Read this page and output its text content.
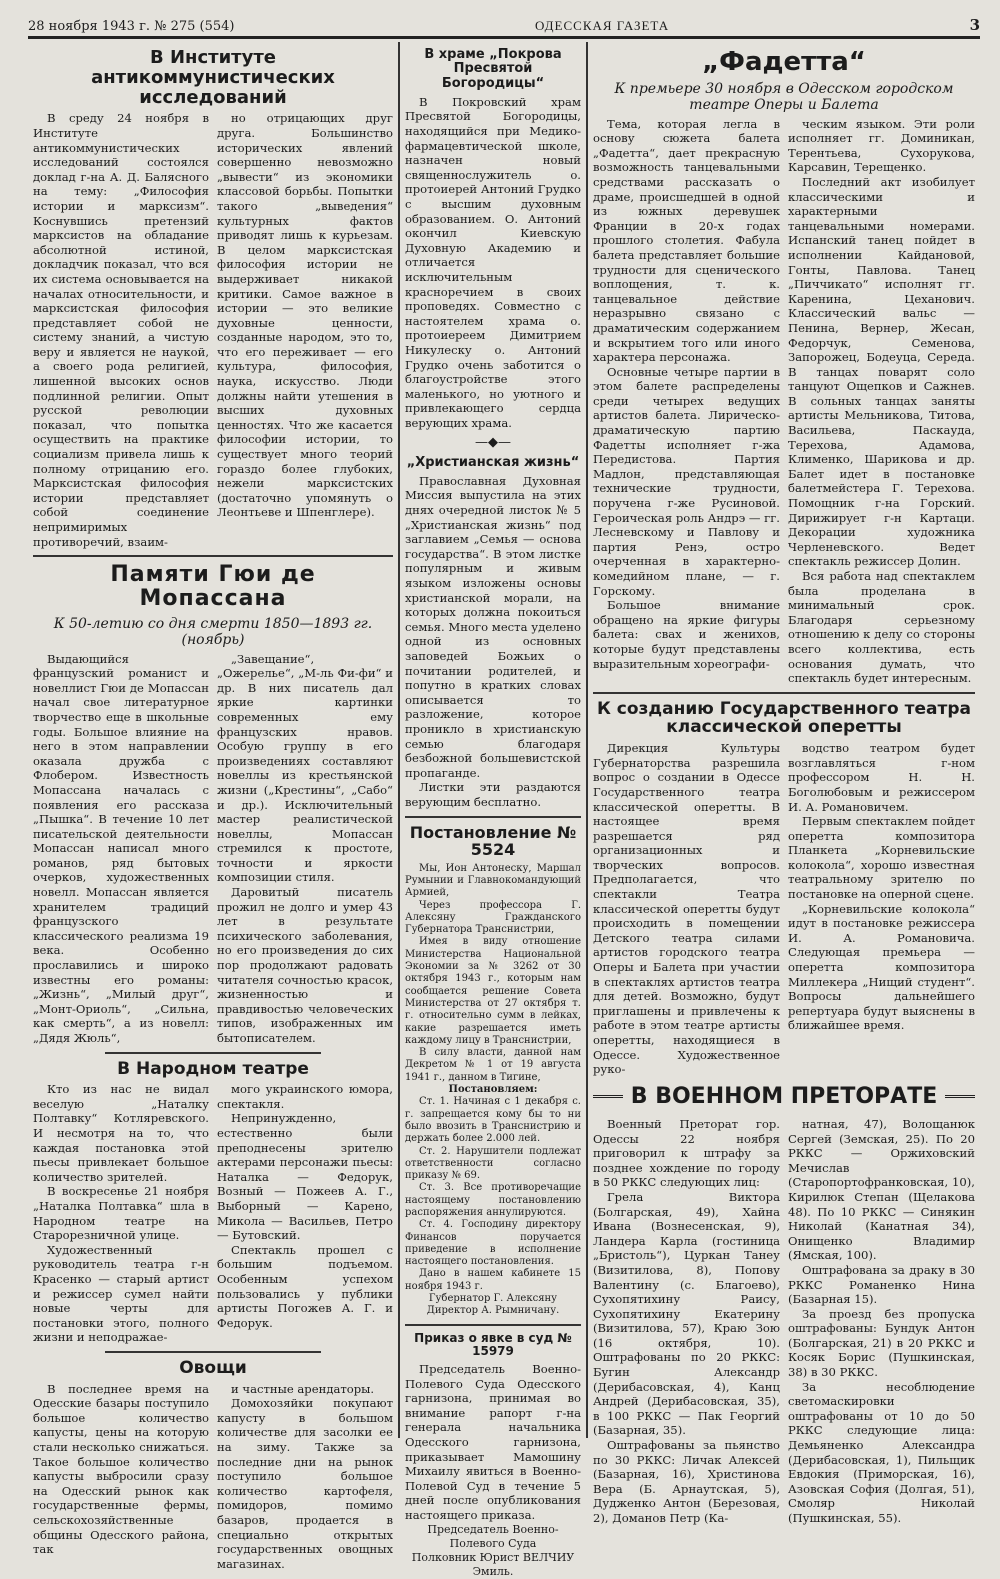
28 ноября 1943 г. № 275 (554)	ОДЕССКАЯ ГАЗЕТА	3
В Институте антикоммунистических исследований

В среду 24 ноября в Институте антикоммунистических исследований состоялся доклад г-на А. Д. Балясного на тему: „Философия истории и марксизм“. Коснувшись претензий марксистов на обладание абсолютной истиной, докладчик показал, что вся их система основывается на началах относительности, и марксистская философия представляет собой не систему знаний, а чистую веру и является не наукой, а своего рода религией, лишенной высоких основ подлинной религии. Опыт русской революции показал, что попытка осуществить на практике социализм привела лишь к полному отрицанию его. Марксистская философия истории представляет собой соединение непримиримых противоречий, взаим-

но отрицающих друг друга. Большинство исторических явлений совершенно невозможно „вывести“ из экономики классовой борьбы. Попытки такого „выведения“ культурных фактов приводят лишь к курьезам. В целом марксистская философия истории не выдерживает никакой критики. Самое важное в истории — это великие духовные ценности, созданные народом, это то, что его переживает — его культура, философия, наука, искусство. Люди должны найти утешения в высших духовных ценностях. Что же касается философии истории, то существует много теорий гораздо более глубоких, нежели марксистских (достаточно упомянуть о Леонтьеве и Шпенглере).

Памяти Гюи де Мопассана
К 50-летию со дня смерти 1850—1893 гг. (ноябрь)

Выдающийся французский романист и новеллист Гюи де Мопассан начал свое литературное творчество еще в школьные годы. Большое влияние на него в этом направлении оказала дружба с Флобером. Известность Мопассана началась с появления его рассказа „Пышка“. В течение 10 лет писательской деятельности Мопассан написал много романов, ряд бытовых очерков, художественных новелл. Мопассан является хранителем традиций французского классического реализма 19 века. Особенно прославились и широко известны его романы: „Жизнь“, „Милый друг“, „Монт-Ориоль“, „Сильна, как смерть“, а из новелл: „Дядя Жюль“,

„Завещание“, „Ожерелье“, „М-ль Фи-фи“ и др. В них писатель дал яркие картинки современных ему французских нравов. Особую группу в его произведениях составляют новеллы из крестьянской жизни („Крестины“, „Сабо“ и др.). Исключительный мастер реалистической новеллы, Мопассан стремился к простоте, точности и яркости композиции стиля.

Даровитый писатель прожил не долго и умер 43 лет в результате психического заболевания, но его произведения до сих пор продолжают радовать читателя сочностью красок, жизненностью и правдивостью человеческих типов, изображенных им бытописателем.

В Народном театре

Кто из нас не видал веселую „Наталку Полтавку“ Котляревского. И несмотря на то, что каждая постановка этой пьесы привлекает большое количество зрителей.

В воскресенье 21 ноября „Наталка Полтавка“ шла в Народном театре на Старорезничной улице.

Художественный руководитель театра г-н Красенко — старый артист и режиссер сумел найти новые черты для постановки этого, полного жизни и неподражае-

мого украинского юмора, спектакля.

Непринужденно, естественно были преподнесены зрителю актерами персонажи пьесы: Наталка — Федорук, Возный — Пожеев А. Г., Выборный — Карено, Микола — Васильев, Петро — Бутовский.

Спектакль прошел с большим подъемом. Особенным успехом пользовались у публики артисты Погожев А. Г. и Федорук.

Овощи

В последнее время на Одесские базары поступило большое количество капусты, цены на которую стали несколько снижаться. Такое большое количество капусты выбросили сразу на Одесский рынок как государственные фермы, сельскохозяйственные общины Одесского района, так

и частные арендаторы.

Домохозяйки покупают капусту в большом количестве для засолки ее на зиму. Также за последние дни на рынок поступило большое количество картофеля, помидоров, помимо базаров, продается в специально открытых государственных овощных магазинах.

В храме „Покрова Пресвятой Богородицы“

В Покровский храм Пресвятой Богородицы, находящийся при Медико-фармацевтической школе, назначен новый священнослужитель о. протоиерей Антоний Грудко с высшим духовным образованием. О. Антоний окончил Киевскую Духовную Академию и отличается исключительным красноречием в своих проповедях. Совместно с настоятелем храма о. протоиереем Димитрием Никулеску о. Антоний Грудко очень заботится о благоустройстве этого маленького, но уютного и привлекающего сердца верующих храма.

—◆—
„Христианская жизнь“

Православная Духовная Миссия выпустила на этих днях очередной листок № 5 „Христианская жизнь“ под заглавием „Семья — основа государства“. В этом листке популярным и живым языком изложены основы христианской морали, на которых должна покоиться семья. Много места уделено одной из основных заповедей Божьих о почитании родителей, и попутно в кратких словах описывается то разложение, которое проникло в христианскую семью благодаря безбожной большевистской пропаганде.

Листки эти раздаются верующим бесплатно.

Постановление № 5524

Мы, Ион Антонеску, Маршал Румынии и Главнокомандующий Армией,

Через профессора Г. Алексяну Гражданского Губернатора Транснистрии,

Имея в виду отношение Министерства Национальной Экономии за № 3262 от 30 октября 1943 г., которым нам сообщается решение Совета Министерства от 27 октября т. г. относительно сумм в лейках, какие разрешается иметь каждому лицу в Транснистрии,

В силу власти, данной нам Декретом № 1 от 19 августа 1941 г., данном в Тигине,

Постановляем:

Ст. 1. Начиная с 1 декабря с. г. запрещается кому бы то ни было ввозить в Транснистрию и держать более 2.000 лей.

Ст. 2. Нарушители подлежат ответственности согласно приказу № 69.

Ст. 3. Все противоречащие настоящему постановлению распоряжения аннулируются.

Ст. 4. Господину директору Финансов поручается приведение в исполнение настоящего постановления.

Дано в нашем кабинете 15 ноября 1943 г.

Губернатор Г. Алексяну

Директор А. Рымничану.

Приказ о явке в суд № 15979

Председатель Военно-Полевого Суда Одесского гарнизона, принимая во внимание рапорт г-на генерала начальника Одесского гарнизона, приказывает Мамошину Михаилу явиться в Военно-Полевой Суд в течение 5 дней после опубликования настоящего приказа.

Председатель Военно-Полевого Суда

Полковник Юрист ВЕЛЧИУ Эмиль.

„Фадетта“
К премьере 30 ноября в Одесском городском театре Оперы и Балета

Тема, которая легла в основу сюжета балета „Фадетта“, дает прекрасную возможность танцевальными средствами рассказать о драме, происшедшей в одной из южных деревушек Франции в 20-х годах прошлого столетия. Фабула балета представляет большие трудности для сценического воплощения, т. к. танцевальное действие неразрывно связано с драматическим содержанием и вскрытием того или иного характера персонажа.

Основные четыре партии в этом балете распределены среди четырех ведущих артистов балета. Лирическо-драматическую партию Фадетты исполняет г-жа Передистова. Партия Мадлон, представляющая технические трудности, поручена г-же Русиновой. Героическая роль Андрэ — гг. Лесневскому и Павлову и партия Ренэ, остро очерченная в характерно-комедийном плане, — г. Горскому.

Большое внимание обращено на яркие фигуры балета: свах и женихов, которые будут представлены выразительным хореографи-

ческим языком. Эти роли исполняет гг. Доминикан, Терентьева, Сухорукова, Карсавин, Терещенко.

Последний акт изобилует классическими и характерными танцевальными номерами. Испанский танец пойдет в исполнении Кайдановой, Гонты, Павлова. Танец „Пиччикато“ исполнят гг. Каренина, Цеханович. Классический вальс — Пенина, Вернер, Жесан, Федорчук, Семенова, Запорожец, Бодеуца, Середа. В танцах поварят соло танцуют Ощепков и Сажнев. В сольных танцах заняты артисты Мельникова, Титова, Васильева, Паскауда, Терехова, Адамова, Клименко, Шарикова и др. Балет идет в постановке балетмейстера Г. Терехова. Помощник г-на Горский. Дирижирует г-н Картаци. Декорации художника Черленевского. Ведет спектакль режиссер Долин.

Вся работа над спектаклем была проделана в минимальный срок. Благодаря серьезному отношению к делу со стороны всего коллектива, есть основания думать, что спектакль будет интересным.

К созданию Государственного театра классической оперетты

Дирекция Культуры Губернаторства разрешила вопрос о создании в Одессе Государственного театра классической оперетты. В настоящее время разрешается ряд организационных и творческих вопросов. Предполагается, что спектакли Театра классической оперетты будут происходить в помещении Детского театра силами артистов городского театра Оперы и Балета при участии в спектаклях артистов театра для детей. Возможно, будут приглашены и привлечены к работе в этом театре артисты оперетты, находящиеся в Одессе. Художественное руко-

водство театром будет возглавляться г-ном профессором Н. Н. Боголюбовым и режиссером И. А. Романовичем.

Первым спектаклем пойдет оперетта композитора Планкета „Корневильские колокола“, хорошо известная театральному зрителю по постановке на оперной сцене.

„Корневильские колокола“ идут в постановке режиссера И. А. Романовича. Следующая премьера — оперетта композитора Миллекера „Нищий студент“. Вопросы дальнейшего репертуара будут выяснены в ближайшее время.

В ВОЕННОМ ПРЕТОРАТЕ

Военный Преторат гор. Одессы 22 ноября приговорил к штрафу за позднее хождение по городу в 50 РККС следующих лиц:

Грела Виктора (Болгарская, 49), Хайна Ивана (Вознесенская, 9), Ландера Карла (гостиница „Бристоль“), Цуркан Танеу (Визитилова, 8), Попову Валентину (с. Благоево), Сухопятихину Раису, Сухопятихину Екатерину (Визитилова, 57), Краю Зою (16 октября, 10). Оштрафованы по 20 РККС: Бугин Александр (Дерибасовская, 4), Канц Андрей (Дерибасовская, 35), в 100 РККС — Пак Георгий (Базарная, 35).

Оштрафованы за пьянство по 30 РККС: Личак Алексей (Базарная, 16), Христинова Вера (Б. Арнаутская, 5), Дудженко Антон (Березовая, 2), Доманов Петр (Ка-

натная, 47), Волощанюк Сергей (Земская, 25). По 20 РККС — Оржиховский Мечислав (Старопортофранковская, 10), Кирилюк Степан (Щелакова 48). По 10 РККС — Синякин Николай (Канатная 34), Онищенко Владимир (Ямская, 100).

Оштрафована за драку в 30 РККС Романенко Нина (Базарная 15).

За проезд без пропуска оштрафованы: Бундук Антон (Болгарская, 21) в 20 РККС и Косяк Борис (Пушкинская, 38) в 30 РККС.

За несоблюдение светомаскировки оштрафованы от 10 до 50 РККС следующие лица: Демьяненко Александра (Дерибасовская, 1), Пильщик Евдокия (Приморская, 16), Азовская София (Долгая, 51), Смоляр Николай (Пушкинская, 55).
